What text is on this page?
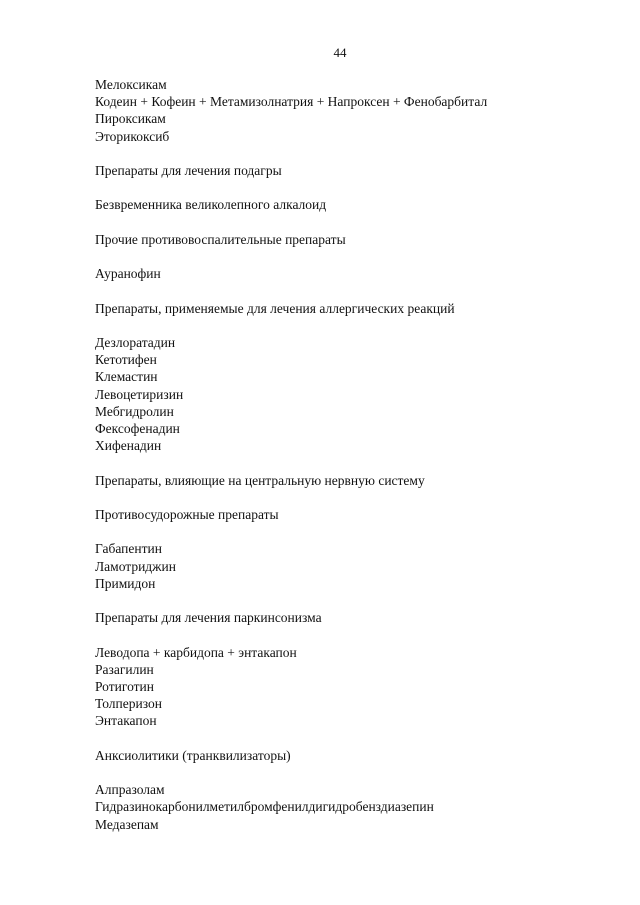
44
Мелоксикам
Кодеин + Кофеин + Метамизолнатрия + Напроксен + Фенобарбитал
Пироксикам
Эторикоксиб
Препараты для лечения подагры
Безвременника великолепного алкалоид
Прочие противовоспалительные препараты
Ауранофин
Препараты, применяемые для лечения аллергических реакций
Дезлоратадин
Кетотифен
Клемастин
Левоцетиризин
Мебгидролин
Фексофенадин
Хифенадин
Препараты, влияющие на центральную нервную систему
Противосудорожные препараты
Габапентин
Ламотриджин
Примидон
Препараты для лечения паркинсонизма
Леводопа + карбидопа + энтакапон
Разагилин
Ротиготин
Толперизон
Энтакапон
Анксиолитики (транквилизаторы)
Алпразолам
Гидразинокарбонилметилбромфенилдигидробенздиазепин
Медазепам
